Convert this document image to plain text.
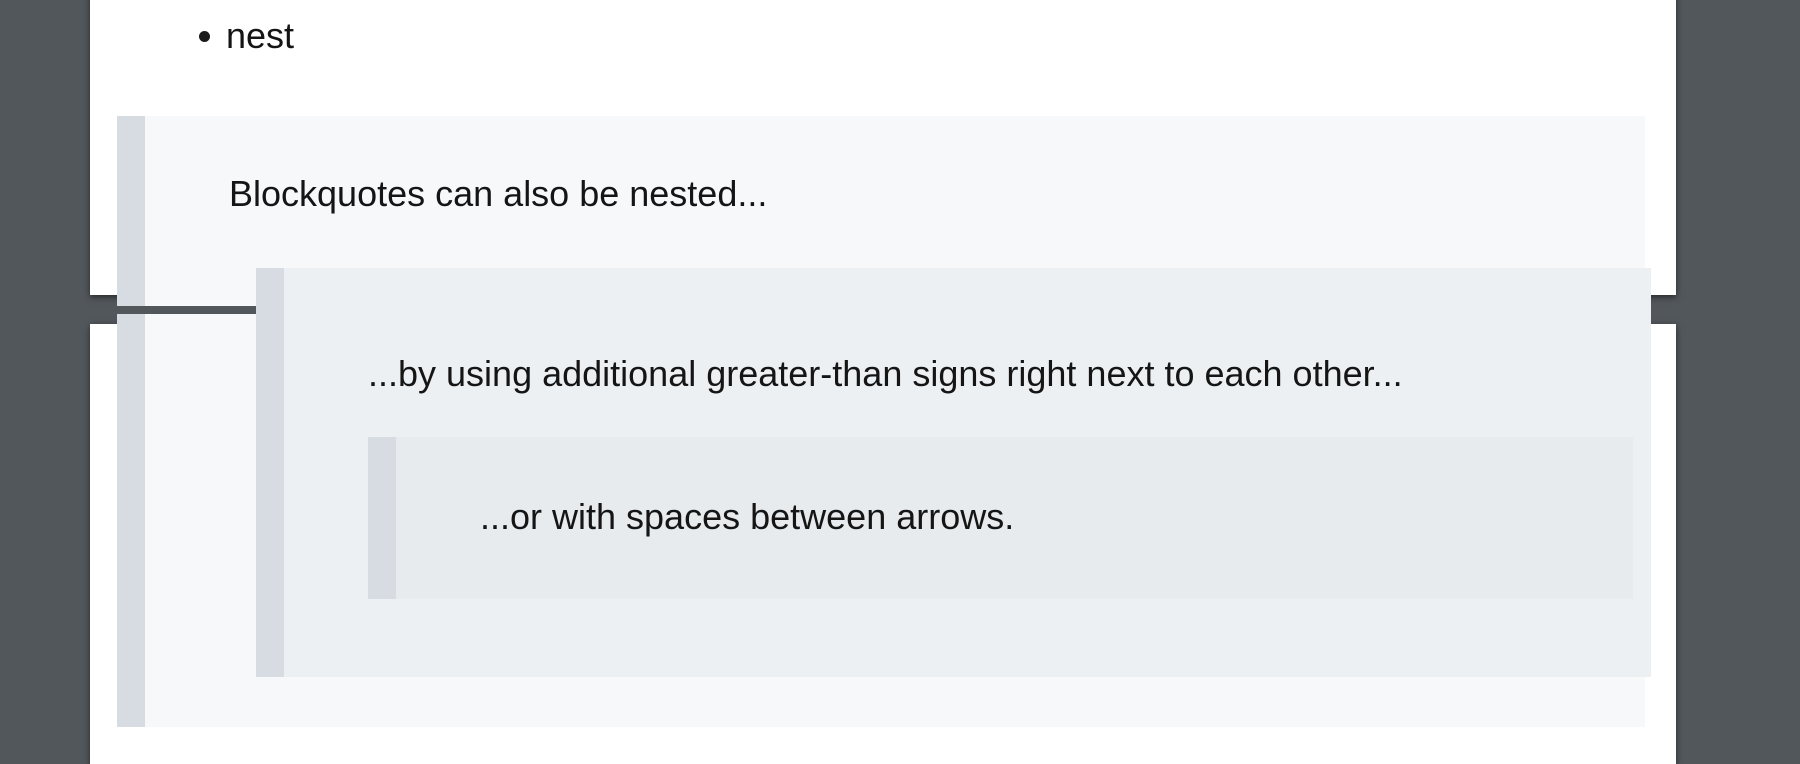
nest
Blockquotes can also be nested...
...by using additional greater-than signs right next to each other...
...or with spaces between arrows.
